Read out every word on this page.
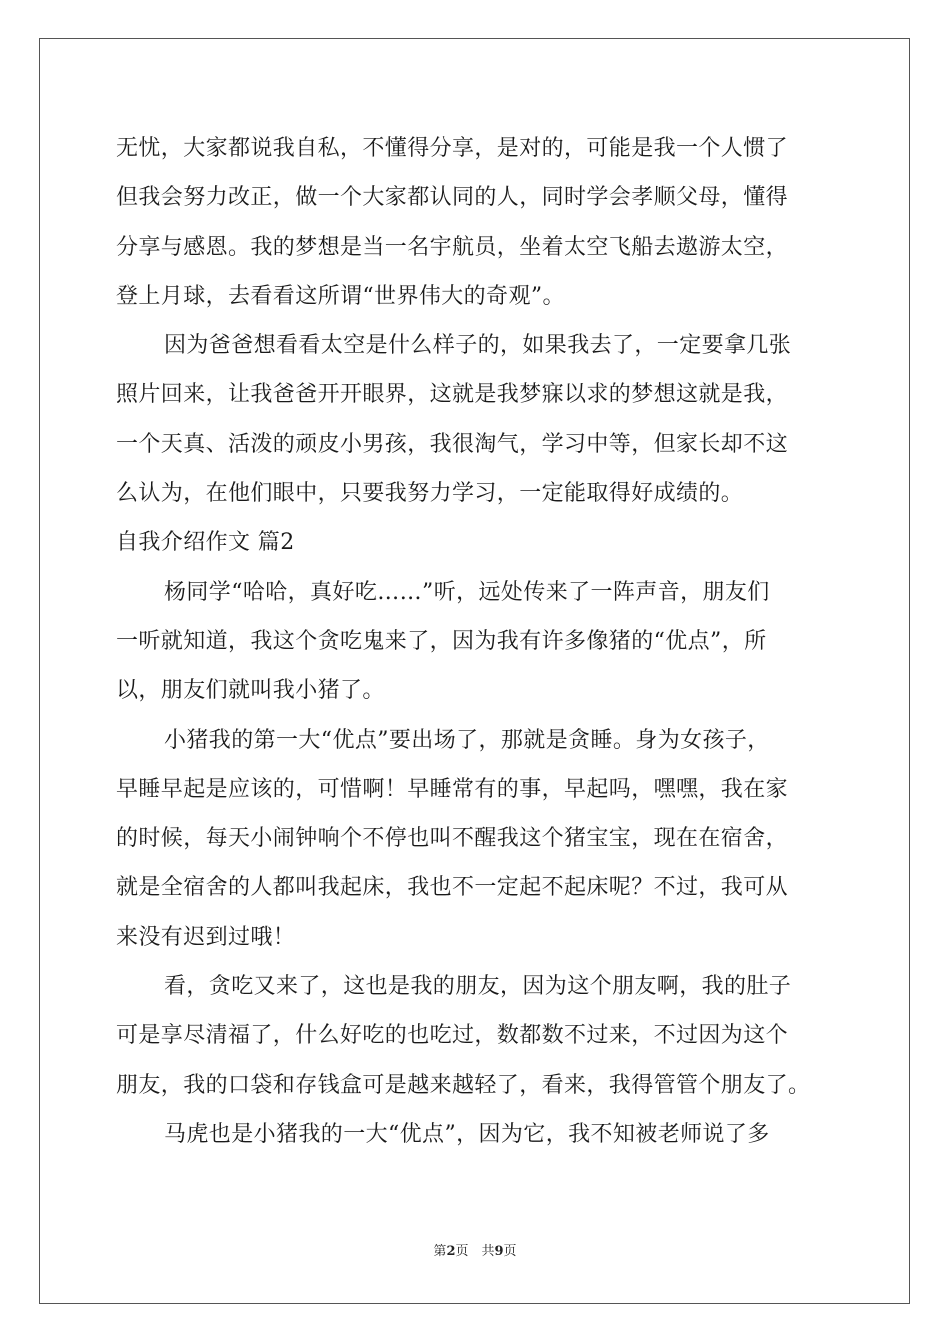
无忧，大家都说我自私，不懂得分享，是对的，可能是我一个人惯了
但我会努力改正，做一个大家都认同的人，同时学会孝顺父母，懂得
分享与感恩。我的梦想是当一名宇航员，坐着太空飞船去遨游太空，
登上月球，去看看这所谓“世界伟大的奇观”。
因为爸爸想看看太空是什么样子的，如果我去了，一定要拿几张
照片回来，让我爸爸开开眼界，这就是我梦寐以求的梦想这就是我，
一个天真、活泼的顽皮小男孩，我很淘气，学习中等，但家长却不这
么认为，在他们眼中，只要我努力学习，一定能取得好成绩的。
自我介绍作文 篇2
杨同学“哈哈，真好吃……”听，远处传来了一阵声音，朋友们
一听就知道，我这个贪吃鬼来了，因为我有许多像猪的“优点”，所
以，朋友们就叫我小猪了。
小猪我的第一大“优点”要出场了，那就是贪睡。身为女孩子，
早睡早起是应该的，可惜啊！早睡常有的事，早起吗，嘿嘿，我在家
的时候，每天小闹钟响个不停也叫不醒我这个猪宝宝，现在在宿舍，
就是全宿舍的人都叫我起床，我也不一定起不起床呢？不过，我可从
来没有迟到过哦！
看，贪吃又来了，这也是我的朋友，因为这个朋友啊，我的肚子
可是享尽清福了，什么好吃的也吃过，数都数不过来，不过因为这个
朋友，我的口袋和存钱盒可是越来越轻了，看来，我得管管个朋友了。
马虎也是小猪我的一大“优点”，因为它，我不知被老师说了多
第2页　共9页
